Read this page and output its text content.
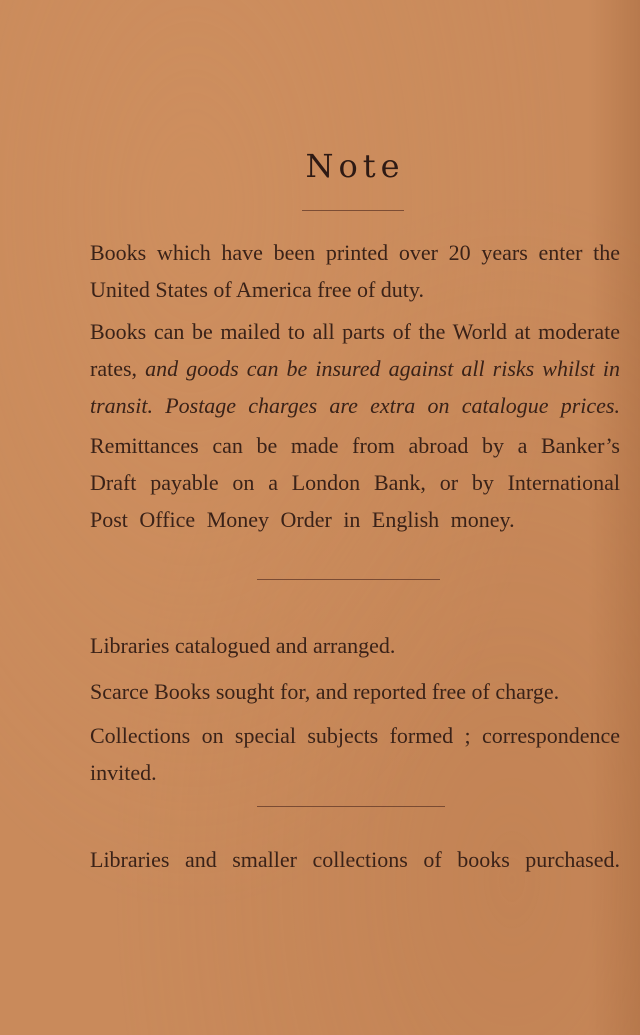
Note

Books which have been printed over 20 years enter the
United States of America free of duty.

Books can be mailed to all parts of the World at moderate
rates, and goods can be insured against all risks whilst in
transit. Postage charges are extra on catalogue prices.

Remittances can be made from abroad by a Banker’s
Draft payable on a London Bank, or by International
Post Office Money Order in English money.

Libraries catalogued and arranged.

Scarce Books sought for, and reported free of charge.

Collections on special subjects formed ; correspondence
invited.

Libraries and smaller collections of books purchased.
